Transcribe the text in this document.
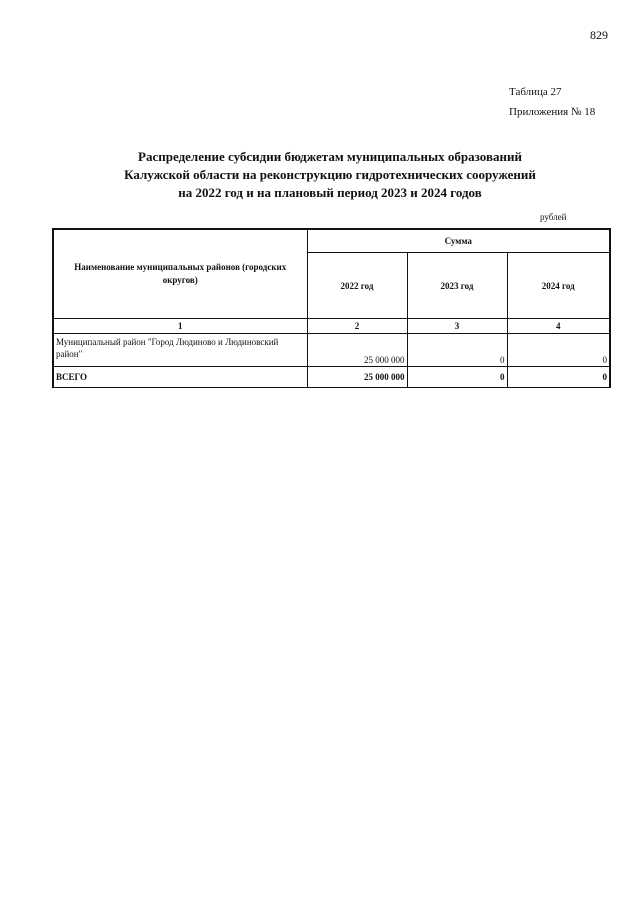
829
Таблица 27
Приложения № 18
Распределение субсидии бюджетам муниципальных образований
Калужской области на реконструкцию гидротехнических сооружений
на 2022 год и на плановый период 2023 и 2024 годов
рублей
Наименование муниципальных районов (городских округов)	Сумма		
	2022 год	2023 год	2024 год
1	2	3	4
Муниципальный район "Город Людиново и Людиновский район"	25 000 000	0	0
ВСЕГО	25 000 000	0	0
